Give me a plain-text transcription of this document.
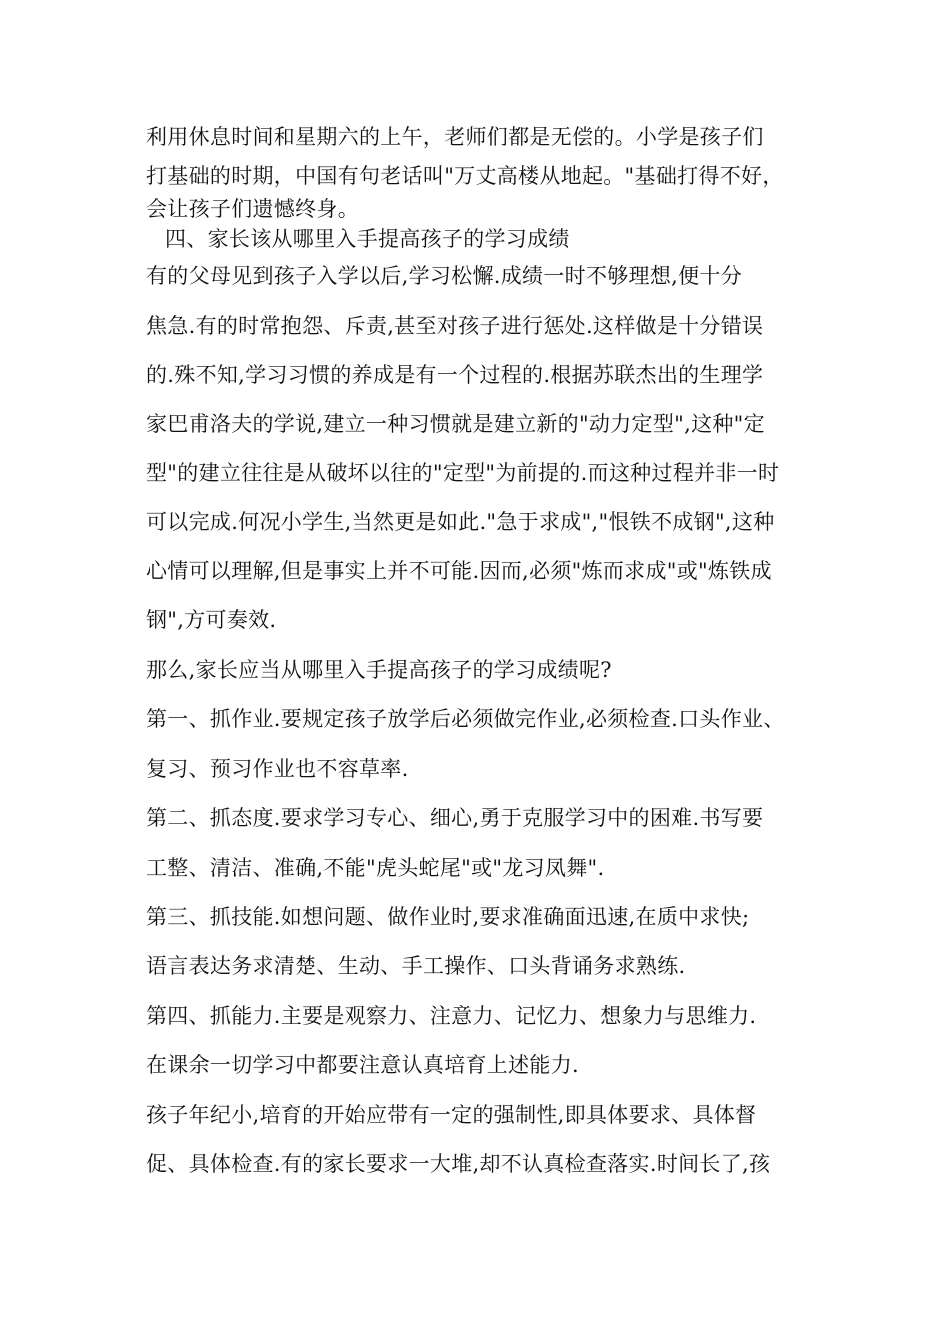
利用休息时间和星期六的上午，老师们都是无偿的。小学是孩子们
打基础的时期，中国有句老话叫"万丈高楼从地起。"基础打得不好，
会让孩子们遗憾终身。
四、家长该从哪里入手提高孩子的学习成绩
有的父母见到孩子入学以后,学习松懈.成绩一时不够理想,便十分
焦急.有的时常抱怨、斥责,甚至对孩子进行惩处.这样做是十分错误
的.殊不知,学习习惯的养成是有一个过程的.根据苏联杰出的生理学
家巴甫洛夫的学说,建立一种习惯就是建立新的"动力定型",这种"定
型"的建立往往是从破坏以往的"定型"为前提的.而这种过程并非一时
可以完成.何况小学生,当然更是如此."急于求成","恨铁不成钢",这种
心情可以理解,但是事实上并不可能.因而,必须"炼而求成"或"炼铁成
钢",方可奏效.
那么,家长应当从哪里入手提高孩子的学习成绩呢?
第一、抓作业.要规定孩子放学后必须做完作业,必须检查.口头作业、
复习、预习作业也不容草率.
第二、抓态度.要求学习专心、细心,勇于克服学习中的困难.书写要
工整、清洁、准确,不能"虎头蛇尾"或"龙习凤舞".
第三、抓技能.如想问题、做作业时,要求准确面迅速,在质中求快;
语言表达务求清楚、生动、手工操作、口头背诵务求熟练.
第四、抓能力.主要是观察力、注意力、记忆力、想象力与思维力.
在课余一切学习中都要注意认真培育上述能力.
孩子年纪小,培育的开始应带有一定的强制性,即具体要求、具体督
促、具体检查.有的家长要求一大堆,却不认真检查落实.时间长了,孩
